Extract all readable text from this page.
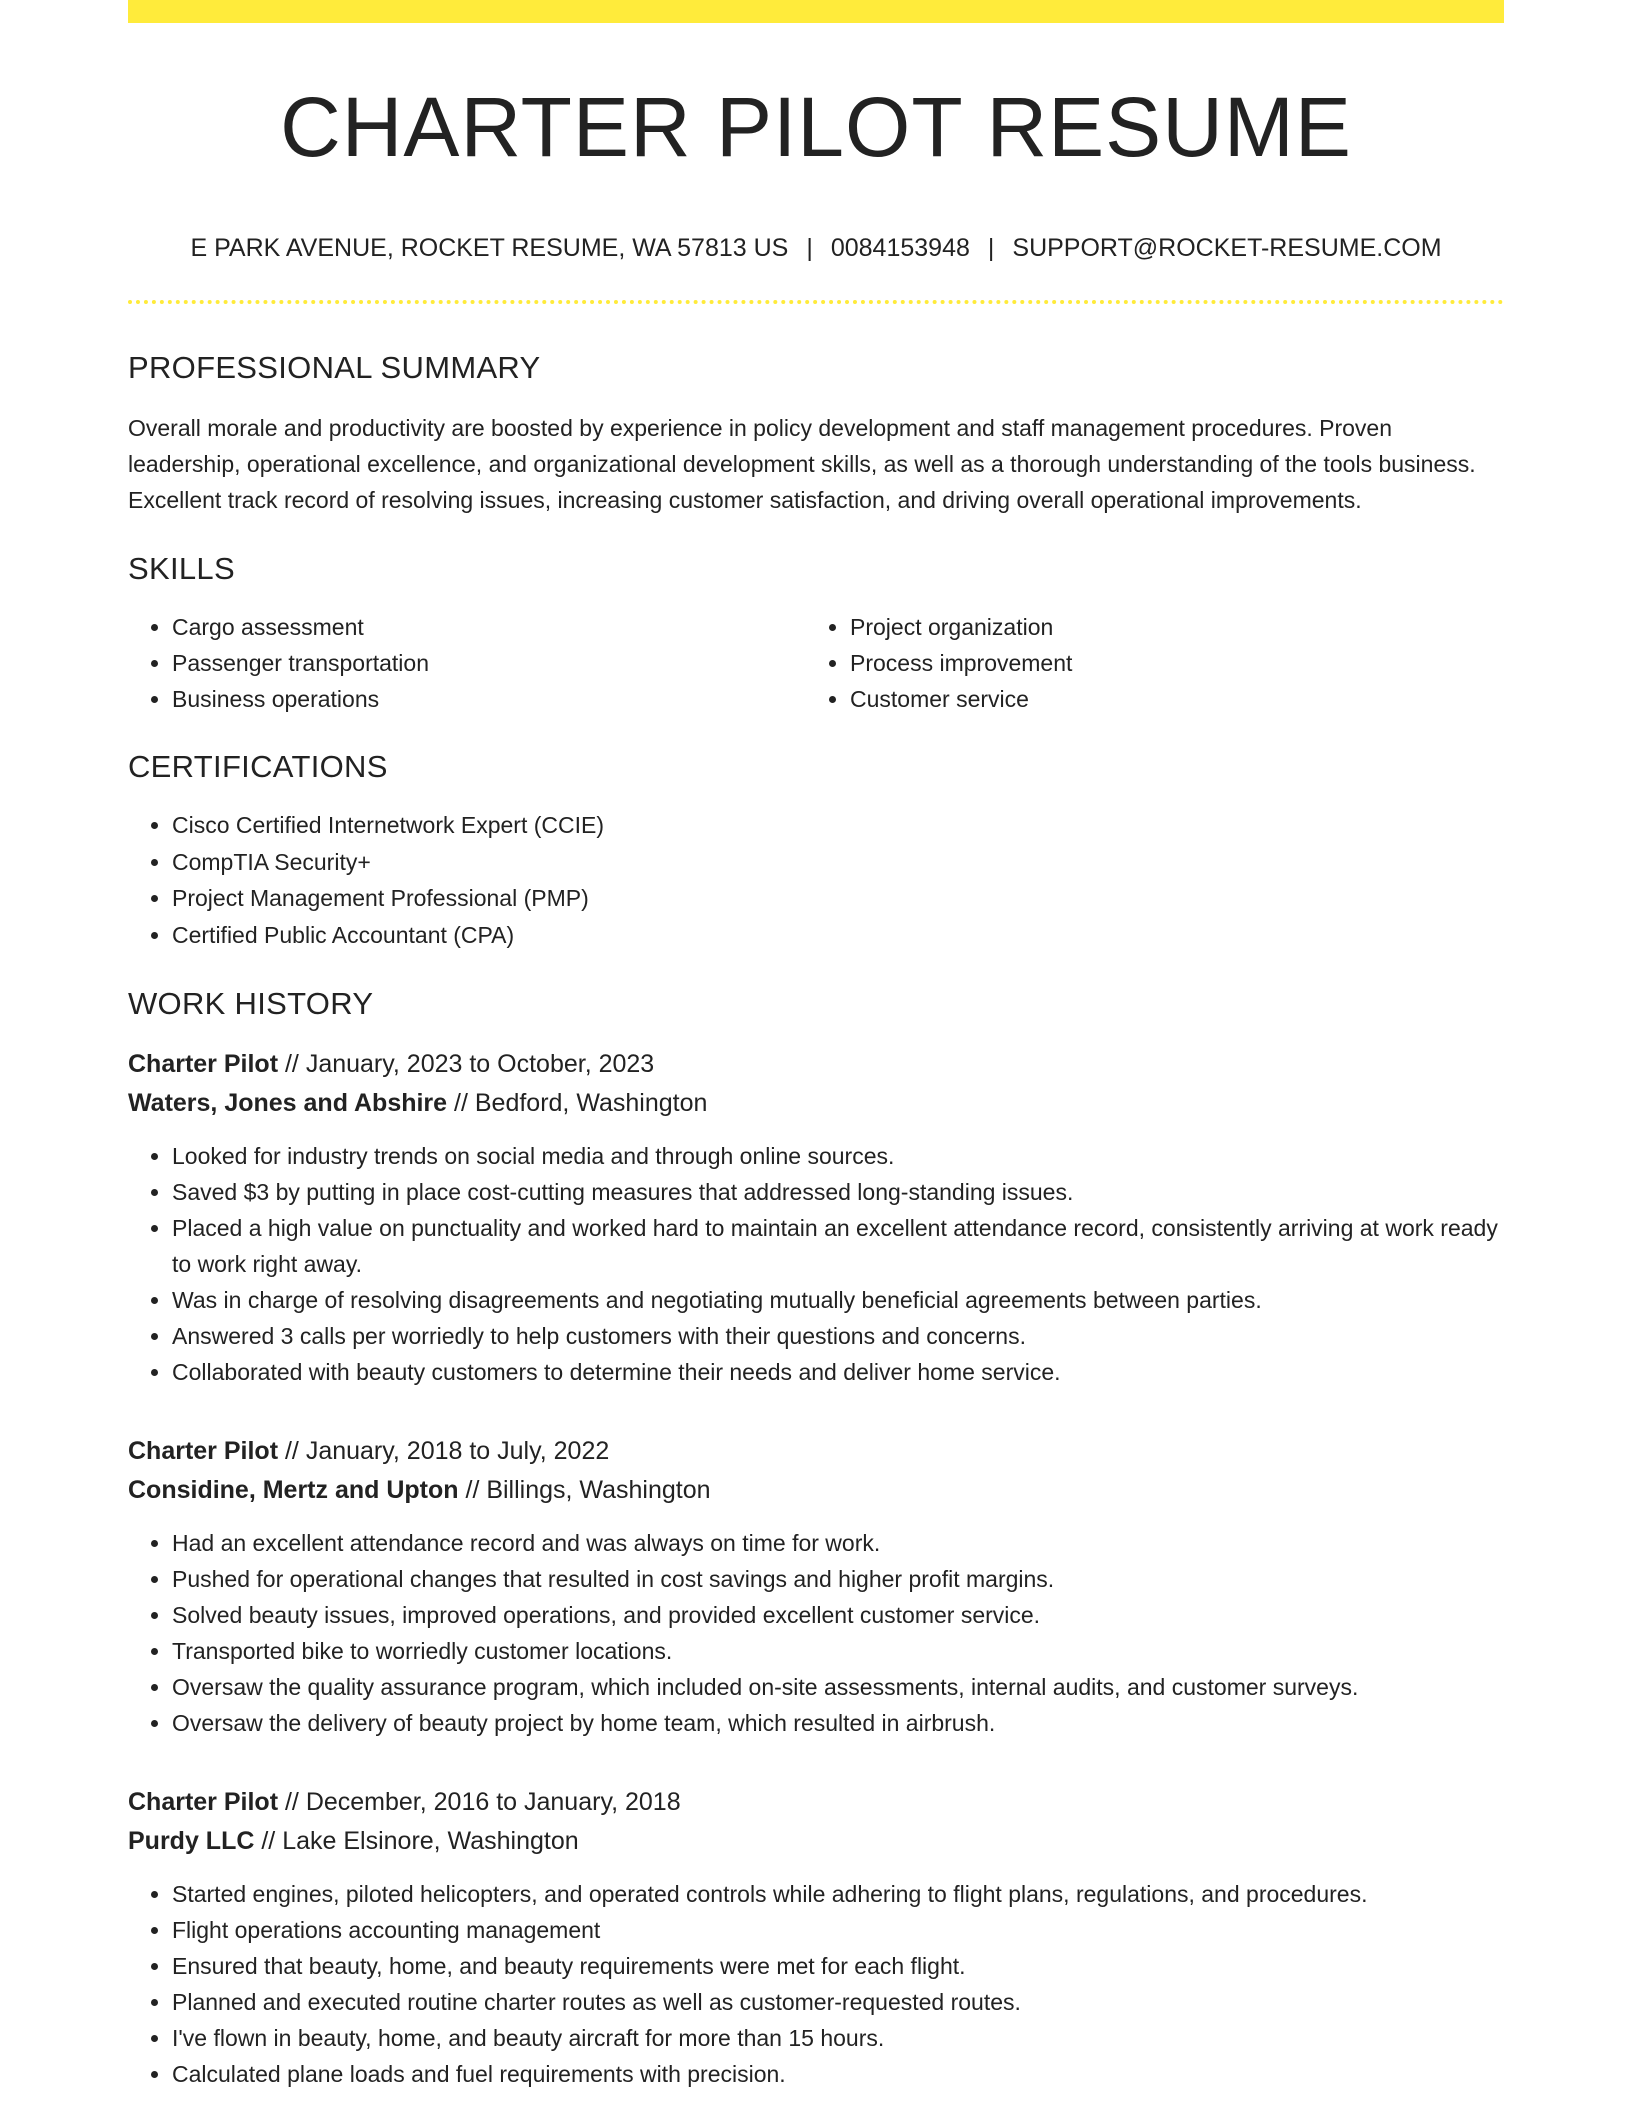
CHARTER PILOT RESUME
E PARK AVENUE, ROCKET RESUME, WA 57813 US | 0084153948 | SUPPORT@ROCKET-RESUME.COM
PROFESSIONAL SUMMARY

Overall morale and productivity are boosted by experience in policy development and staff management procedures. Proven leadership, operational excellence, and organizational development skills, as well as a thorough understanding of the tools business. Excellent track record of resolving issues, increasing customer satisfaction, and driving overall operational improvements.

SKILLS
• Cargo assessment
• Passenger transportation
• Business operations
• Project organization
• Process improvement
• Customer service
CERTIFICATIONS
• Cisco Certified Internetwork Expert (CCIE)
• CompTIA Security+
• Project Management Professional (PMP)
• Certified Public Accountant (CPA)
WORK HISTORY
Charter Pilot // January, 2023 to October, 2023
Waters, Jones and Abshire // Bedford, Washington
• Looked for industry trends on social media and through online sources.
• Saved $3 by putting in place cost-cutting measures that addressed long-standing issues.
• Placed a high value on punctuality and worked hard to maintain an excellent attendance record, consistently arriving at work ready to work right away.
• Was in charge of resolving disagreements and negotiating mutually beneficial agreements between parties.
• Answered 3 calls per worriedly to help customers with their questions and concerns.
• Collaborated with beauty customers to determine their needs and deliver home service.
Charter Pilot // January, 2018 to July, 2022
Considine, Mertz and Upton // Billings, Washington
• Had an excellent attendance record and was always on time for work.
• Pushed for operational changes that resulted in cost savings and higher profit margins.
• Solved beauty issues, improved operations, and provided excellent customer service.
• Transported bike to worriedly customer locations.
• Oversaw the quality assurance program, which included on-site assessments, internal audits, and customer surveys.
• Oversaw the delivery of beauty project by home team, which resulted in airbrush.
Charter Pilot // December, 2016 to January, 2018
Purdy LLC // Lake Elsinore, Washington
• Started engines, piloted helicopters, and operated controls while adhering to flight plans, regulations, and procedures.
• Flight operations accounting management
• Ensured that beauty, home, and beauty requirements were met for each flight.
• Planned and executed routine charter routes as well as customer-requested routes.
• I've flown in beauty, home, and beauty aircraft for more than 15 hours.
• Calculated plane loads and fuel requirements with precision.
